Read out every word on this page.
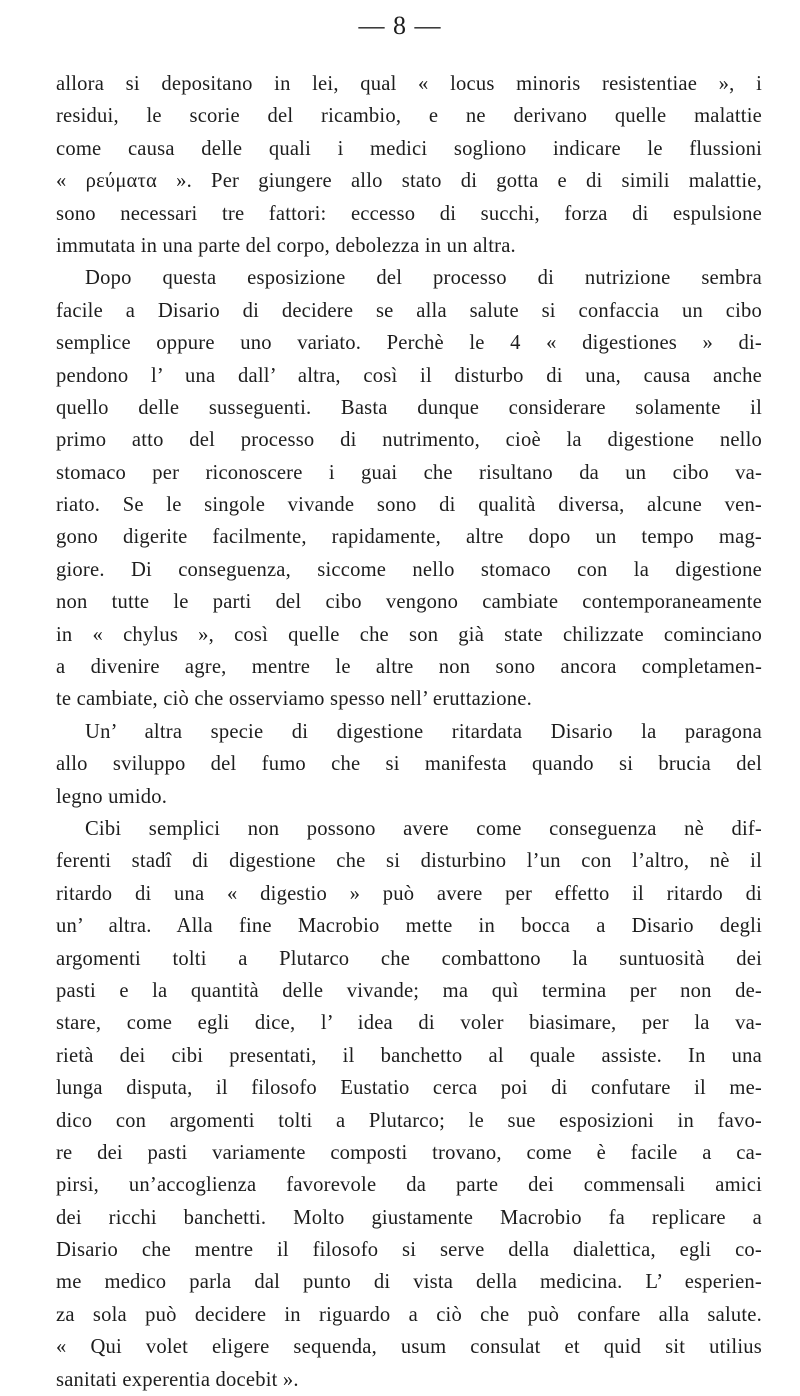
— 8 —
allora si depositano in lei, qual « locus minoris resistentiae », i
residui, le scorie del ricambio, e ne derivano quelle malattie
come causa delle quali i medici sogliono indicare le flussioni
« ρεύματα ». Per giungere allo stato di gotta e di simili malattie,
sono necessari tre fattori: eccesso di succhi, forza di espulsione
immutata in una parte del corpo, debolezza in un altra.
Dopo questa esposizione del processo di nutrizione sembra
facile a Disario di decidere se alla salute si confaccia un cibo
semplice oppure uno variato. Perchè le 4 « digestiones » di-
pendono l’ una dall’ altra, così il disturbo di una, causa anche
quello delle susseguenti. Basta dunque considerare solamente il
primo atto del processo di nutrimento, cioè la digestione nello
stomaco per riconoscere i guai che risultano da un cibo va-
riato. Se le singole vivande sono di qualità diversa, alcune ven-
gono digerite facilmente, rapidamente, altre dopo un tempo mag-
giore. Di conseguenza, siccome nello stomaco con la digestione
non tutte le parti del cibo vengono cambiate contemporaneamente
in « chylus », così quelle che son già state chilizzate cominciano
a divenire agre, mentre le altre non sono ancora completamen-
te cambiate, ciò che osserviamo spesso nell’ eruttazione.
Un’ altra specie di digestione ritardata Disario la paragona
allo sviluppo del fumo che si manifesta quando si brucia del
legno umido.
Cibi semplici non possono avere come conseguenza nè dif-
ferenti stadî di digestione che si disturbino l’un con l’altro, nè il
ritardo di una « digestio » può avere per effetto il ritardo di
un’ altra. Alla fine Macrobio mette in bocca a Disario degli
argomenti tolti a Plutarco che combattono la suntuosità dei
pasti e la quantità delle vivande; ma quì termina per non de-
stare, come egli dice, l’ idea di voler biasimare, per la va-
rietà dei cibi presentati, il banchetto al quale assiste. In una
lunga disputa, il filosofo Eustatio cerca poi di confutare il me-
dico con argomenti tolti a Plutarco; le sue esposizioni in favo-
re dei pasti variamente composti trovano, come è facile a ca-
pirsi, un’accoglienza favorevole da parte dei commensali amici
dei ricchi banchetti. Molto giustamente Macrobio fa replicare a
Disario che mentre il filosofo si serve della dialettica, egli co-
me medico parla dal punto di vista della medicina. L’ esperien-
za sola può decidere in riguardo a ciò che può confare alla salute.
« Qui volet eligere sequenda, usum consulat et quid sit utilius
sanitati experentia docebit ».
